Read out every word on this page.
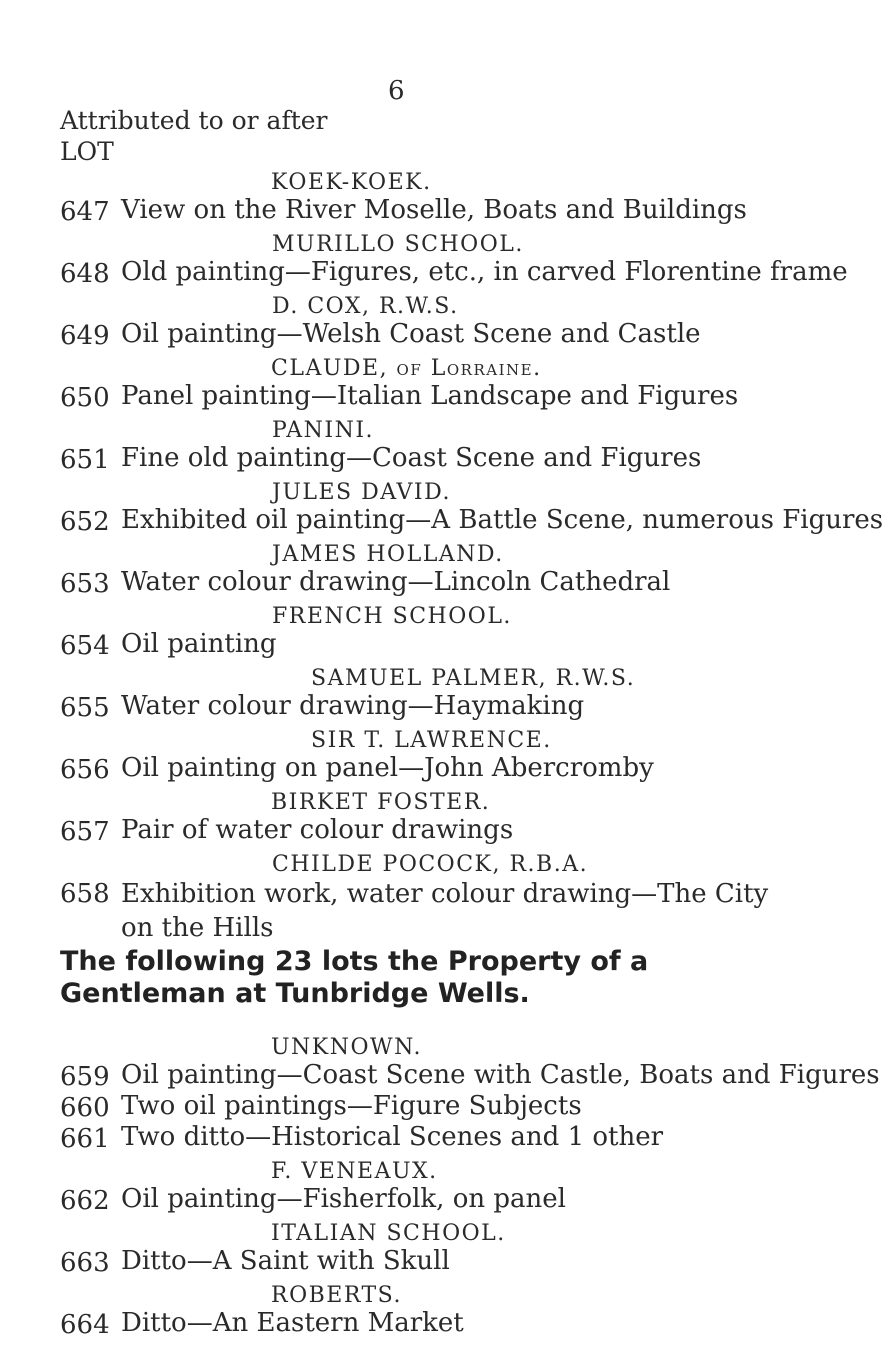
6
Attributed to or after
LOT
KOEK-KOEK.
647 View on the River Moselle, Boats and Buildings
MURILLO SCHOOL.
648 Old painting—Figures, etc., in carved Florentine frame
D. COX, R.W.S.
649 Oil painting—Welsh Coast Scene and Castle
CLAUDE, of Lorraine.
650 Panel painting—Italian Landscape and Figures
PANINI.
651 Fine old painting—Coast Scene and Figures
JULES DAVID.
652 Exhibited oil painting—A Battle Scene, numerous Figures
JAMES HOLLAND.
653 Water colour drawing—Lincoln Cathedral
FRENCH SCHOOL.
654 Oil painting
SAMUEL PALMER, R.W.S.
655 Water colour drawing—Haymaking
SIR T. LAWRENCE.
656 Oil painting on panel—John Abercromby
BIRKET FOSTER.
657 Pair of water colour drawings
CHILDE POCOCK, R.B.A.
658 Exhibition work, water colour drawing—The City on the Hills
The following 23 lots the Property of a Gentleman at Tunbridge Wells.
UNKNOWN.
659 Oil painting—Coast Scene with Castle, Boats and Figures
660 Two oil paintings—Figure Subjects
661 Two ditto—Historical Scenes and 1 other
F. VENEAUX.
662 Oil painting—Fisherfolk, on panel
ITALIAN SCHOOL.
663 Ditto—A Saint with Skull
ROBERTS.
664 Ditto—An Eastern Market
